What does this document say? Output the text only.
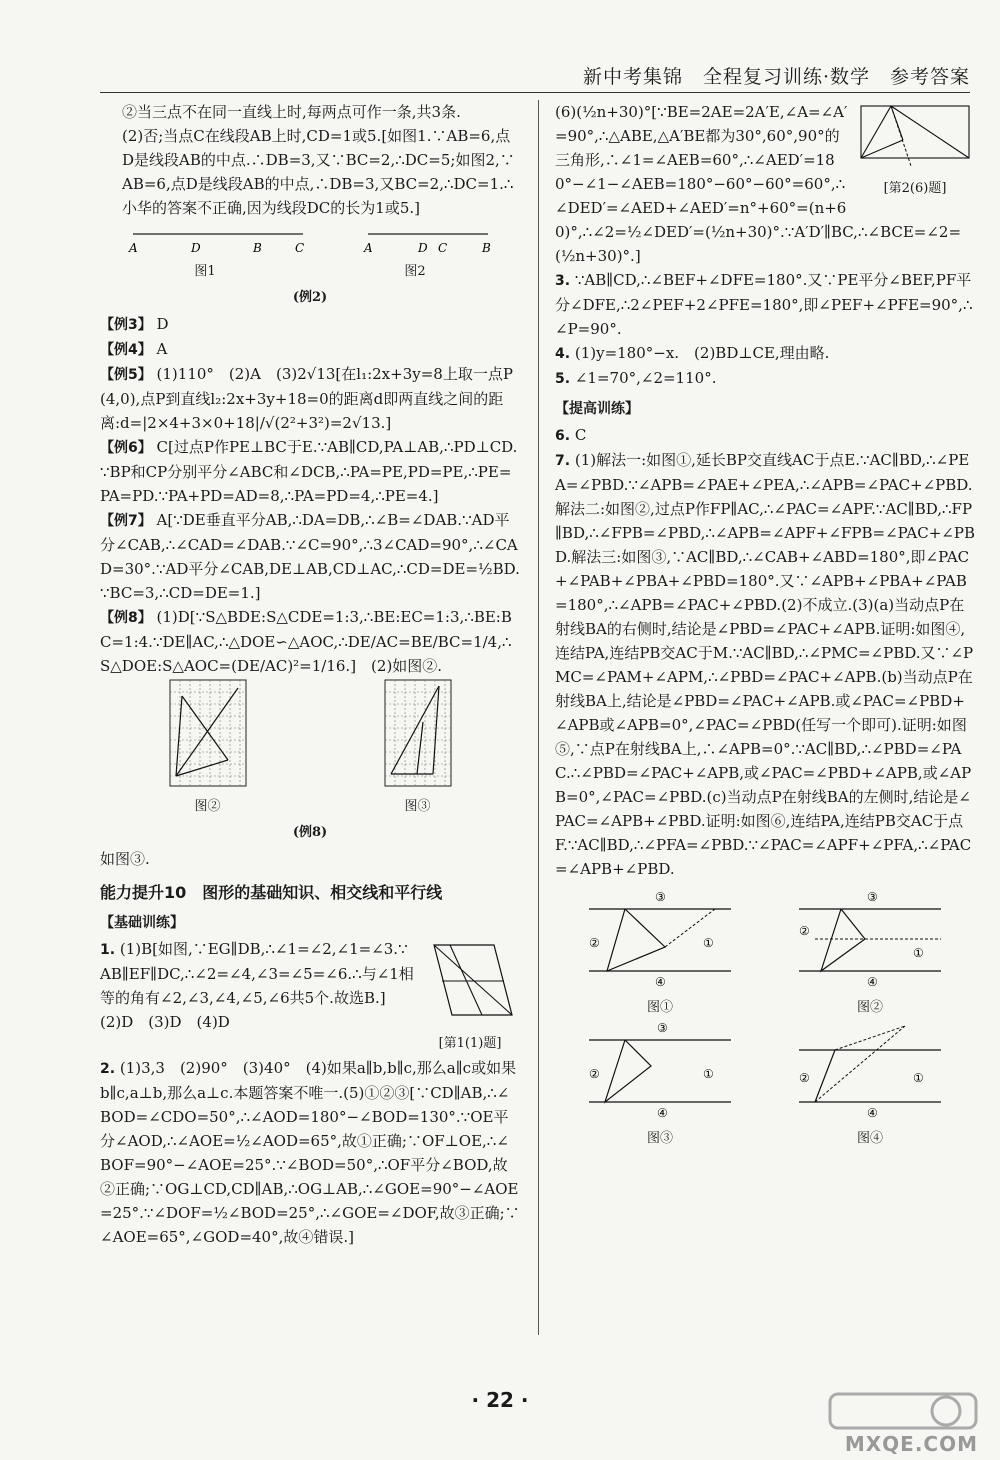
新中考集锦　全程复习训练·数学　参考答案

②当三点不在同一直线上时,每两点可作一条,共3条.

(2)否;当点C在线段AB上时,CD=1或5.[如图1.∵AB=6,点D是线段AB的中点.∴DB=3,又∵BC=2,∴DC=5;如图2,∵AB=6,点D是线段AB的中点,∴DB=3,又BC=2,∴DC=1.∴小华的答案不正确,因为线段DC的长为1或5.]

A	D	B	C	A	D C	B
图1	图2
(例2)

【例3】 D

【例4】 A

【例5】 (1)110°　(2)A　(3)2√13[在l₁:2x+3y=8上取一点P(4,0),点P到直线l₂:2x+3y+18=0的距离d即两直线之间的距离:d=|2×4+3×0+18|/√(2²+3²)=2√13.]

【例6】 C[过点P作PE⊥BC于E.∵AB∥CD,PA⊥AB,∴PD⊥CD.∵BP和CP分别平分∠ABC和∠DCB,∴PA=PE,PD=PE,∴PE=PA=PD.∵PA+PD=AD=8,∴PA=PD=4,∴PE=4.]

【例7】 A[∵DE垂直平分AB,∴DA=DB,∴∠B=∠DAB.∵AD平分∠CAB,∴∠CAD=∠DAB.∵∠C=90°,∴3∠CAD=90°,∴∠CAD=30°.∵AD平分∠CAB,DE⊥AB,CD⊥AC,∴CD=DE=½BD.∵BC=3,∴CD=DE=1.]

【例8】 (1)D[∵S△BDE:S△CDE=1:3,∴BE:EC=1:3,∴BE:BC=1:4.∵DE∥AC,∴△DOE∽△AOC,∴DE/AC=BE/BC=1/4,∴S△DOE:S△AOC=(DE/AC)²=1/16.]　(2)如图②.

图②	图③
(例8)

如图③.

能力提升10　图形的基础知识、相交线和平行线
【基础训练】
[第1(1)题]
1. (1)B[如图,∵EG∥DB,∴∠1=∠2,∠1=∠3.∵AB∥EF∥DC,∴∠2=∠4,∠3=∠5=∠6.∴与∠1相等的角有∠2,∠3,∠4,∠5,∠6共5个.故选B.]　(2)D　(3)D　(4)D
2. (1)3,3　(2)90°　(3)40°　(4)如果a∥b,b∥c,那么a∥c或如果b∥c,a⊥b,那么a⊥c.本题答案不唯一.(5)①②③[∵CD∥AB,∴∠BOD=∠CDO=50°,∴∠AOD=180°−∠BOD=130°.∵OE平分∠AOD,∴∠AOE=½∠AOD=65°,故①正确;∵OF⊥OE,∴∠BOF=90°−∠AOE=25°.∵∠BOD=50°,∴OF平分∠BOD,故②正确;∵OG⊥CD,CD∥AB,∴OG⊥AB,∴∠GOE=90°−∠AOE=25°.∵∠DOF=½∠BOD=25°,∴∠GOE=∠DOF,故③正确;∵∠AOE=65°,∠GOD=40°,故④错误.]
[第2(6)题]
(6)(½n+30)°[∵BE=2AE=2A′E,∠A=∠A′=90°,∴△ABE,△A′BE都为30°,60°,90°的三角形,∴∠1=∠AEB=60°,∴∠AED′=180°−∠1−∠AEB=180°−60°−60°=60°,∴∠DED′=∠AED+∠AED′=n°+60°=(n+60)°,∴∠2=½∠DED′=(½n+30)°.∵A′D′∥BC,∴∠BCE=∠2=(½n+30)°.]
3. ∵AB∥CD,∴∠BEF+∠DFE=180°.又∵PE平分∠BEF,PF平分∠DFE,∴2∠PEF+2∠PFE=180°,即∠PEF+∠PFE=90°,∴∠P=90°.
4. (1)y=180°−x.　(2)BD⊥CE,理由略.
5. ∠1=70°,∠2=110°.
【提高训练】
6. C
7. (1)解法一:如图①,延长BP交直线AC于点E.∵AC∥BD,∴∠PEA=∠PBD.∵∠APB=∠PAE+∠PEA,∴∠APB=∠PAC+∠PBD.解法二:如图②,过点P作FP∥AC,∴∠PAC=∠APF.∵AC∥BD,∴FP∥BD,∴∠FPB=∠PBD,∴∠APB=∠APF+∠FPB=∠PAC+∠PBD.解法三:如图③,∵AC∥BD,∴∠CAB+∠ABD=180°,即∠PAC+∠PAB+∠PBA+∠PBD=180°.又∵∠APB+∠PBA+∠PAB=180°,∴∠APB=∠PAC+∠PBD.(2)不成立.(3)(a)当动点P在射线BA的右侧时,结论是∠PBD=∠PAC+∠APB.证明:如图④,连结PA,连结PB交AC于M.∵AC∥BD,∴∠PMC=∠PBD.又∵∠PMC=∠PAM+∠APM,∴∠PBD=∠PAC+∠APB.(b)当动点P在射线BA上,结论是∠PBD=∠PAC+∠APB.或∠PAC=∠PBD+∠APB或∠APB=0°,∠PAC=∠PBD(任写一个即可).证明:如图⑤,∵点P在射线BA上,∴∠APB=0°.∵AC∥BD,∴∠PBD=∠PAC.∴∠PBD=∠PAC+∠APB,或∠PAC=∠PBD+∠APB,或∠APB=0°,∠PAC=∠PBD.(c)当动点P在射线BA的左侧时,结论是∠PAC=∠APB+∠PBD.证明:如图⑥,连结PA,连结PB交AC于点F.∵AC∥BD,∴∠PFA=∠PBD.∵∠PAC=∠APF+∠PFA,∴∠PAC=∠APB+∠PBD.
③
②	①
④
图①
③
②
①
④
图②
③
②	①
④
图③
②	①
④
图④
· 22 ·
MXQE.COM
